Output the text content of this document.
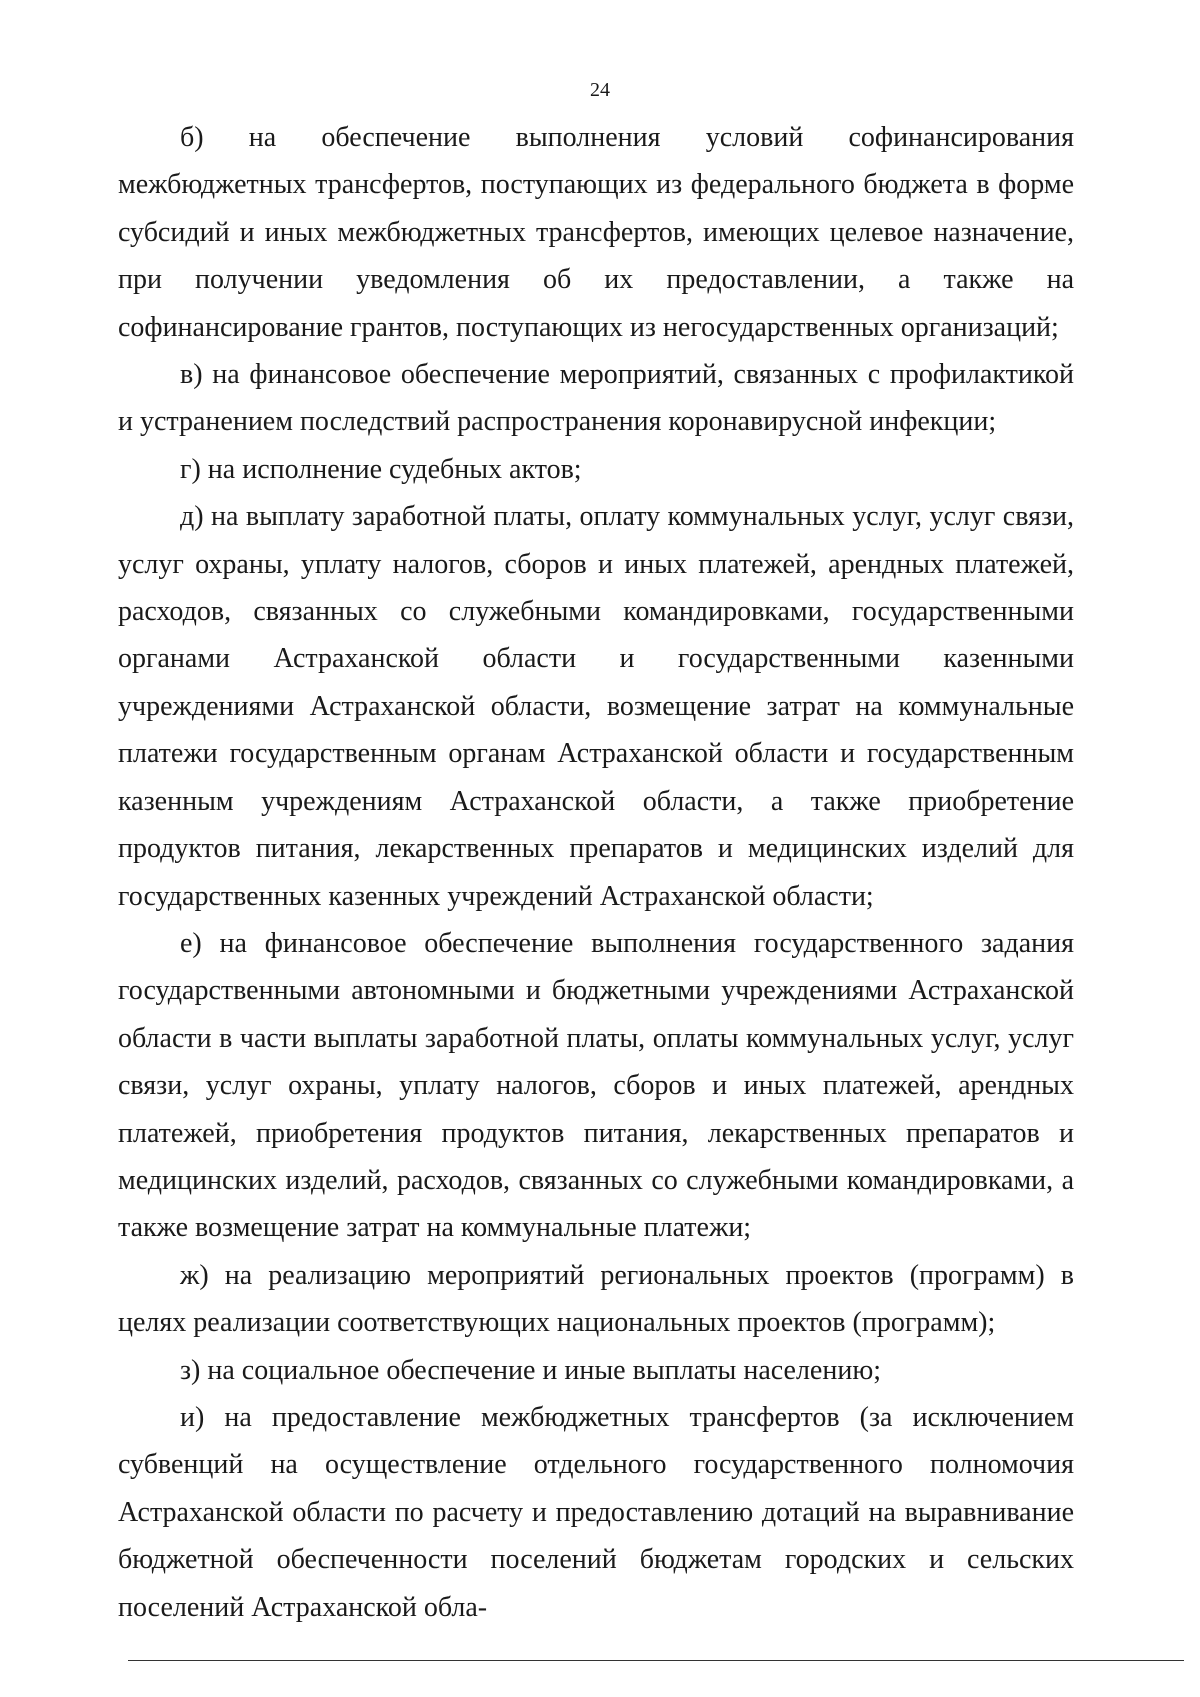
24

б) на обеспечение выполнения условий софинансирования межбюджетных трансфертов, поступающих из федерального бюджета в форме субсидий и иных межбюджетных трансфертов, имеющих целевое назначение, при получении уведомления об их предоставлении, а также на софинансирование грантов, поступающих из негосударственных организаций;

в) на финансовое обеспечение мероприятий, связанных с профилактикой и устранением последствий распространения коронавирусной инфекции;

г) на исполнение судебных актов;

д) на выплату заработной платы, оплату коммунальных услуг, услуг связи, услуг охраны, уплату налогов, сборов и иных платежей, арендных платежей, расходов, связанных со служебными командировками, государственными органами Астраханской области и государственными казенными учреждениями Астраханской области, возмещение затрат на коммунальные платежи государственным органам Астраханской области и государственным казенным учреждениям Астраханской области, а также приобретение продуктов питания, лекарственных препаратов и медицинских изделий для государственных казенных учреждений Астраханской области;

е) на финансовое обеспечение выполнения государственного задания государственными автономными и бюджетными учреждениями Астраханской области в части выплаты заработной платы, оплаты коммунальных услуг, услуг связи, услуг охраны, уплату налогов, сборов и иных платежей, арендных платежей, приобретения продуктов питания, лекарственных препаратов и медицинских изделий, расходов, связанных со служебными командировками, а также возмещение затрат на коммунальные платежи;

ж) на реализацию мероприятий региональных проектов (программ) в целях реализации соответствующих национальных проектов (программ);

з) на социальное обеспечение и иные выплаты населению;

и) на предоставление межбюджетных трансфертов (за исключением субвенций на осуществление отдельного государственного полномочия Астраханской области по расчету и предоставлению дотаций на выравнивание бюджетной обеспеченности поселений бюджетам городских и сельских поселений Астраханской обла-
